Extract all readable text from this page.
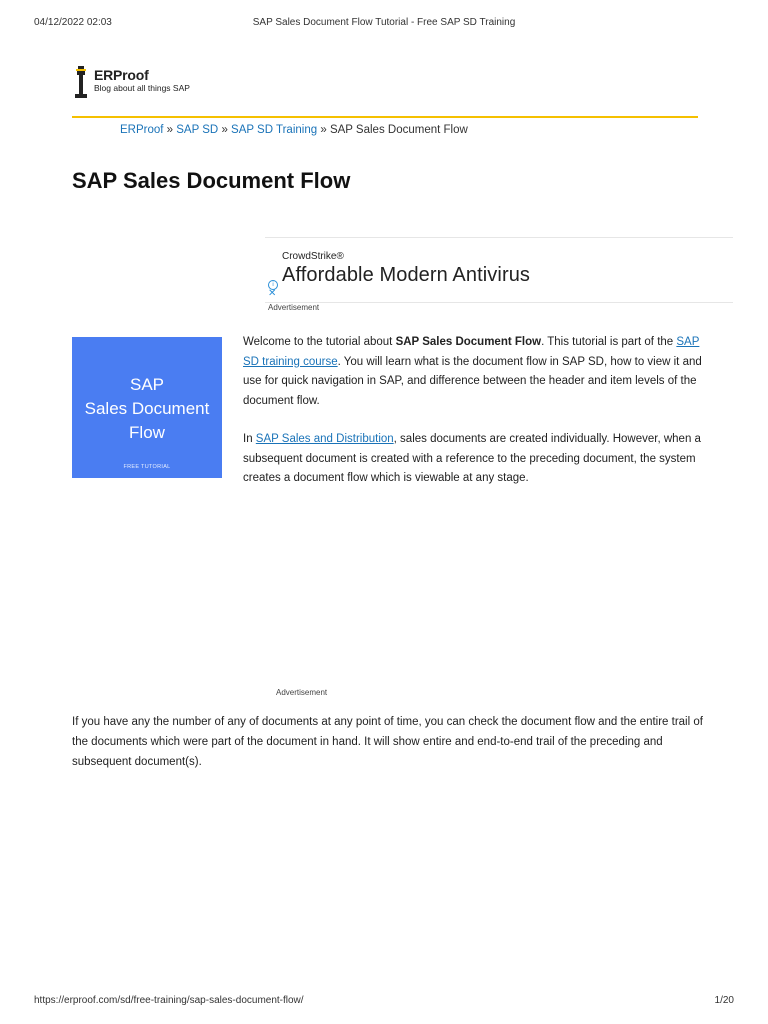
04/12/2022 02:03	SAP Sales Document Flow Tutorial - Free SAP SD Training
ERProof
Blog about all things SAP
ERProof » SAP SD » SAP SD Training » SAP Sales Document Flow
SAP Sales Document Flow
CrowdStrike®
Affordable Modern Antivirus
i
✕
Advertisement
SAP
Sales Document
Flow
FREE TUTORIAL

Welcome to the tutorial about SAP Sales Document Flow. This tutorial is part of the SAP SD training course. You will learn what is the document flow in SAP SD, how to view it and use for quick navigation in SAP, and difference between the header and item levels of the document flow.

In SAP Sales and Distribution, sales documents are created individually. However, when a subsequent document is created with a reference to the preceding document, the system creates a document flow which is viewable at any stage.

Advertisement

If you have any the number of any of documents at any point of time, you can check the document flow and the entire trail of the documents which were part of the document in hand. It will show entire and end-to-end trail of the preceding and subsequent document(s).

https://erproof.com/sd/free-training/sap-sales-document-flow/	1/20
